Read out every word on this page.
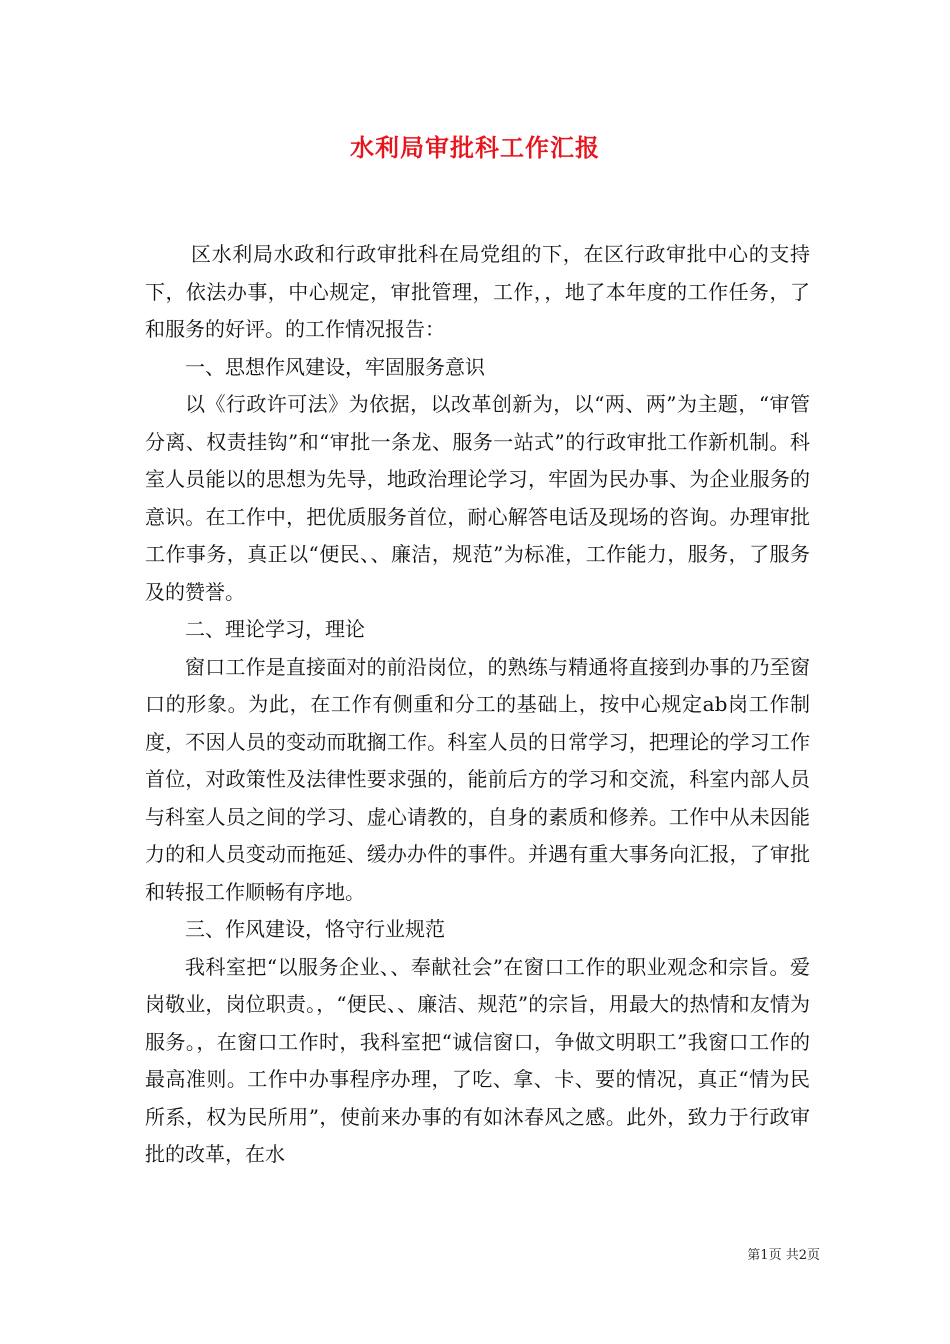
水利局审批科工作汇报

区水利局水政和行政审批科在局党组的下，在区行政审批中心的支持下，依法办事，中心规定，审批管理，工作，，地了本年度的工作任务，了和服务的好评。的工作情况报告：

一、思想作风建设，牢固服务意识

以《行政许可法》为依据，以改革创新为，以“两、两”为主题，“审管分离、权责挂钩”和“审批一条龙、服务一站式”的行政审批工作新机制。科室人员能以的思想为先导，地政治理论学习，牢固为民办事、为企业服务的意识。在工作中，把优质服务首位，耐心解答电话及现场的咨询。办理审批工作事务，真正以“便民、、廉洁，规范”为标准，工作能力，服务，了服务及的赞誉。

二、理论学习，理论

窗口工作是直接面对的前沿岗位，的熟练与精通将直接到办事的乃至窗口的形象。为此，在工作有侧重和分工的基础上，按中心规定ab岗工作制度，不因人员的变动而耽搁工作。科室人员的日常学习，把理论的学习工作首位，对政策性及法律性要求强的，能前后方的学习和交流，科室内部人员与科室人员之间的学习、虚心请教的，自身的素质和修养。工作中从未因能力的和人员变动而拖延、缓办办件的事件。并遇有重大事务向汇报，了审批和转报工作顺畅有序地。

三、作风建设，恪守行业规范

我科室把“以服务企业、、奉献社会”在窗口工作的职业观念和宗旨。爱岗敬业，岗位职责。，“便民、、廉洁、规范”的宗旨，用最大的热情和友情为服务。，在窗口工作时，我科室把“诚信窗口，争做文明职工”我窗口工作的最高准则。工作中办事程序办理，了吃、拿、卡、要的情况，真正“情为民所系，权为民所用”，使前来办事的有如沐春风之感。此外，致力于行政审批的改革，在水

第1页 共2页
